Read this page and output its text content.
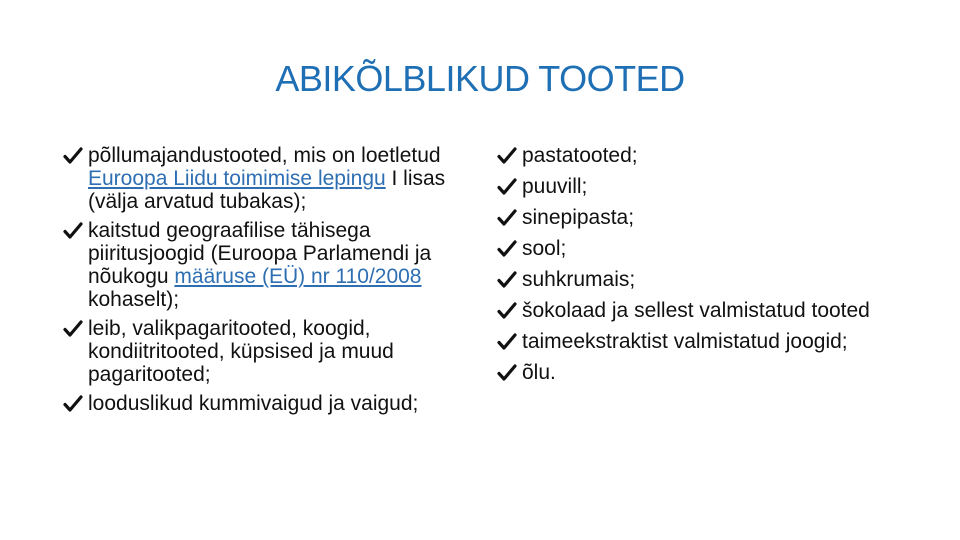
ABIKÕLBLIKUD TOOTED
põllumajandustooted, mis on loetletud Euroopa Liidu toimimise lepingu I lisas (välja arvatud tubakas);
kaitstud geograafilise tähisega piiritusjoogid (Euroopa Parlamendi ja nõukogu määruse (EÜ) nr 110/2008 kohaselt);
leib, valikpagaritooted, koogid, kondiitritooted, küpsised ja muud pagaritooted;
looduslikud kummivaigud ja vaigud;
pastatooted;
puuvill;
sinepipasta;
sool;
suhkrumais;
šokolaad ja sellest valmistatud tooted
taimeekstraktist valmistatud joogid;
õlu.
